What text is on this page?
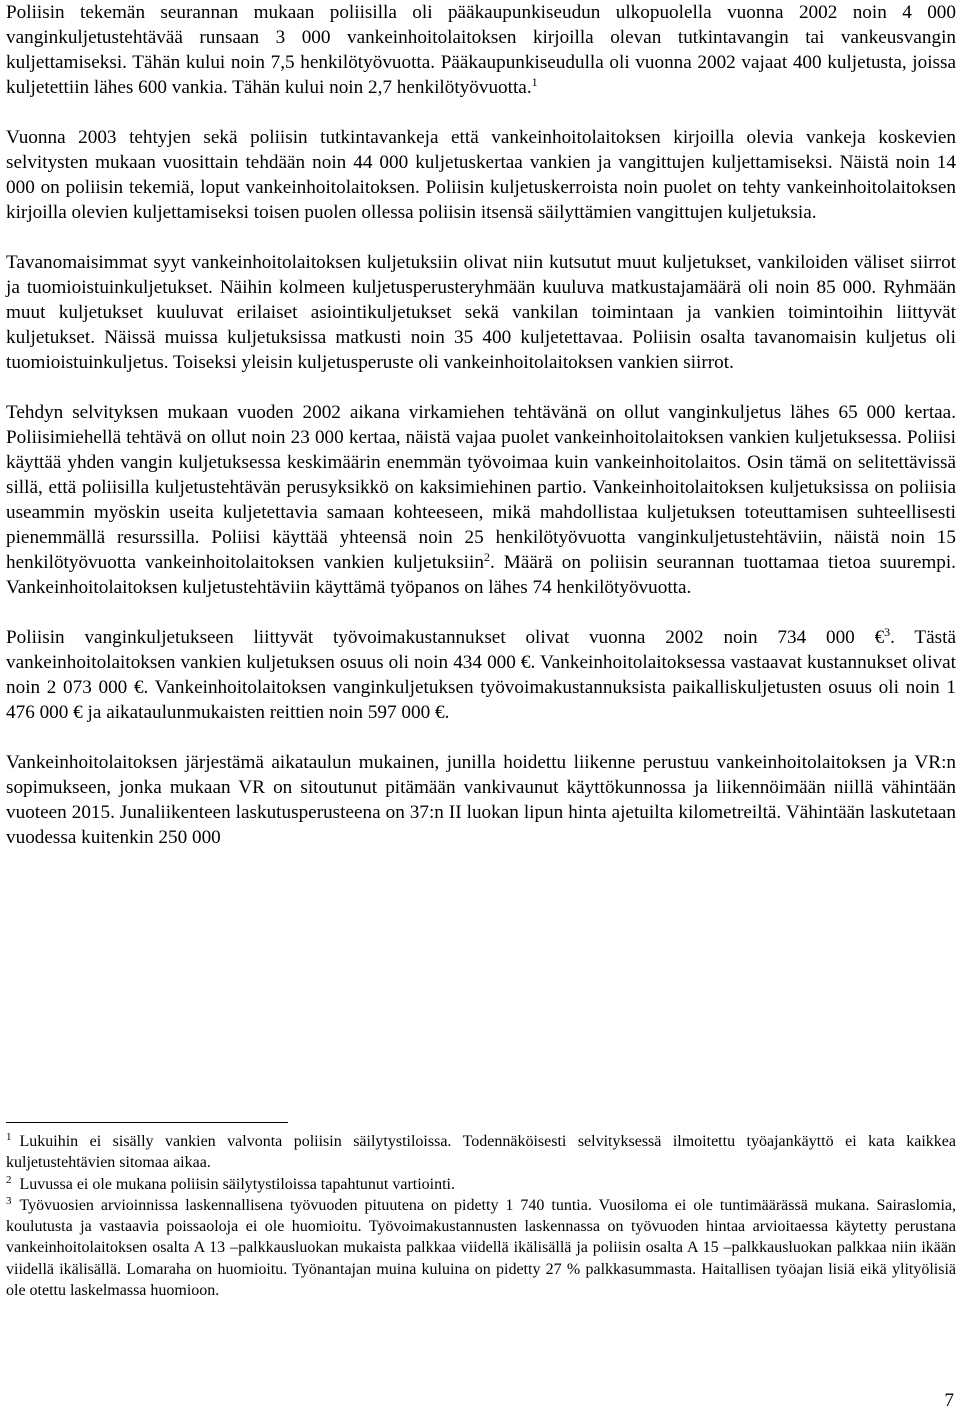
Poliisin tekemän seurannan mukaan poliisilla oli pääkaupunkiseudun ulkopuolella vuonna 2002 noin 4 000 vanginkuljetustehtävää runsaan 3 000 vankeinhoitolaitoksen kirjoilla olevan tutkintavangin tai vankeusvangin kuljettamiseksi. Tähän kului noin 7,5 henkilötyövuotta. Pääkaupunkiseudulla oli vuonna 2002 vajaat 400 kuljetusta, joissa kuljetettiin lähes 600 vankia. Tähän kului noin 2,7 henkilötyövuotta.$^1$

Vuonna 2003 tehtyjen sekä poliisin tutkintavankeja että vankeinhoitolaitoksen kirjoilla olevia vankeja koskevien selvitysten mukaan vuosittain tehdään noin 44 000 kuljetuskertaa vankien ja vangittujen kuljettamiseksi. Näistä noin 14 000 on poliisin tekemiä, loput vankeinhoitolaitoksen. Poliisin kuljetuskerroista noin puolet on tehty vankeinhoitolaitoksen kirjoilla olevien kuljettamiseksi toisen puolen ollessa poliisin itsensä säilyttämien vangittujen kuljetuksia.

Tavanomaisimmat syyt vankeinhoitolaitoksen kuljetuksiin olivat niin kutsutut muut kuljetukset, vankiloiden väliset siirrot ja tuomioistuinkuljetukset. Näihin kolmeen kuljetusperusteryhmään kuuluva matkustajamäärä oli noin 85 000. Ryhmään muut kuljetukset kuuluvat erilaiset asiointikuljetukset sekä vankilan toimintaan ja vankien toimintoihin liittyvät kuljetukset. Näissä muissa kuljetuksissa matkusti noin 35 400 kuljetettavaa. Poliisin osalta tavanomaisin kuljetus oli tuomioistuinkuljetus. Toiseksi yleisin kuljetusperuste oli vankeinhoitolaitoksen vankien siirrot.

Tehdyn selvityksen mukaan vuoden 2002 aikana virkamiehen tehtävänä on ollut vanginkuljetus lähes 65 000 kertaa. Poliisimiehellä tehtävä on ollut noin 23 000 kertaa, näistä vajaa puolet vankeinhoitolaitoksen vankien kuljetuksessa. Poliisi käyttää yhden vangin kuljetuksessa keskimäärin enemmän työvoimaa kuin vankeinhoitolaitos. Osin tämä on selitettävissä sillä, että poliisilla kuljetustehtävän perusyksikkö on kaksimiehinen partio. Vankeinhoitolaitoksen kuljetuksissa on poliisia useammin myöskin useita kuljetettavia samaan kohteeseen, mikä mahdollistaa kuljetuksen toteuttamisen suhteellisesti pienemmällä resurssilla. Poliisi käyttää yhteensä noin 25 henkilötyövuotta vanginkuljetustehtäviin, näistä noin 15 henkilötyövuotta vankeinhoitolaitoksen vankien kuljetuksiin$^2$. Määrä on poliisin seurannan tuottamaa tietoa suurempi. Vankeinhoitolaitoksen kuljetustehtäviin käyttämä työpanos on lähes 74 henkilötyövuotta.

Poliisin vanginkuljetukseen liittyvät työvoimakustannukset olivat vuonna 2002 noin 734 000 €$^3$. Tästä vankeinhoitolaitoksen vankien kuljetuksen osuus oli noin 434 000 €. Vankeinhoitolaitoksessa vastaavat kustannukset olivat noin 2 073 000 €. Vankeinhoitolaitoksen vanginkuljetuksen työvoimakustannuksista paikalliskuljetusten osuus oli noin 1 476 000 € ja aikataulunmukaisten reittien noin 597 000 €.

Vankeinhoitolaitoksen järjestämä aikataulun mukainen, junilla hoidettu liikenne perustuu vankeinhoitolaitoksen ja VR:n sopimukseen, jonka mukaan VR on sitoutunut pitämään vankivaunut käyttökunnossa ja liikennöimään niillä vähintään vuoteen 2015. Junaliikenteen laskutusperusteena on 37:n II luokan lipun hinta ajetuilta kilometreiltä. Vähintään laskutetaan vuodessa kuitenkin 250 000

$^1$ Lukuihin ei sisälly vankien valvonta poliisin säilytystiloissa. Todennäköisesti selvityksessä ilmoitettu työajankäyttö ei kata kaikkea kuljetustehtävien sitomaa aikaa.

$^2$ Luvussa ei ole mukana poliisin säilytystiloissa tapahtunut vartiointi.

$^3$ Työvuosien arvioinnissa laskennallisena työvuoden pituutena on pidetty 1 740 tuntia. Vuosiloma ei ole tuntimäärässä mukana. Sairaslomia, koulutusta ja vastaavia poissaoloja ei ole huomioitu. Työvoimakustannusten laskennassa on työvuoden hintaa arvioitaessa käytetty perustana vankeinhoitolaitoksen osalta A 13 –palkkausluokan mukaista palkkaa viidellä ikälisällä ja poliisin osalta A 15 –palkkausluokan palkkaa niin ikään viidellä ikälisällä. Lomaraha on huomioitu. Työnantajan muina kuluina on pidetty 27 % palkkasummasta. Haitallisen työajan lisiä eikä ylityölisiä ole otettu laskelmassa huomioon.

7
